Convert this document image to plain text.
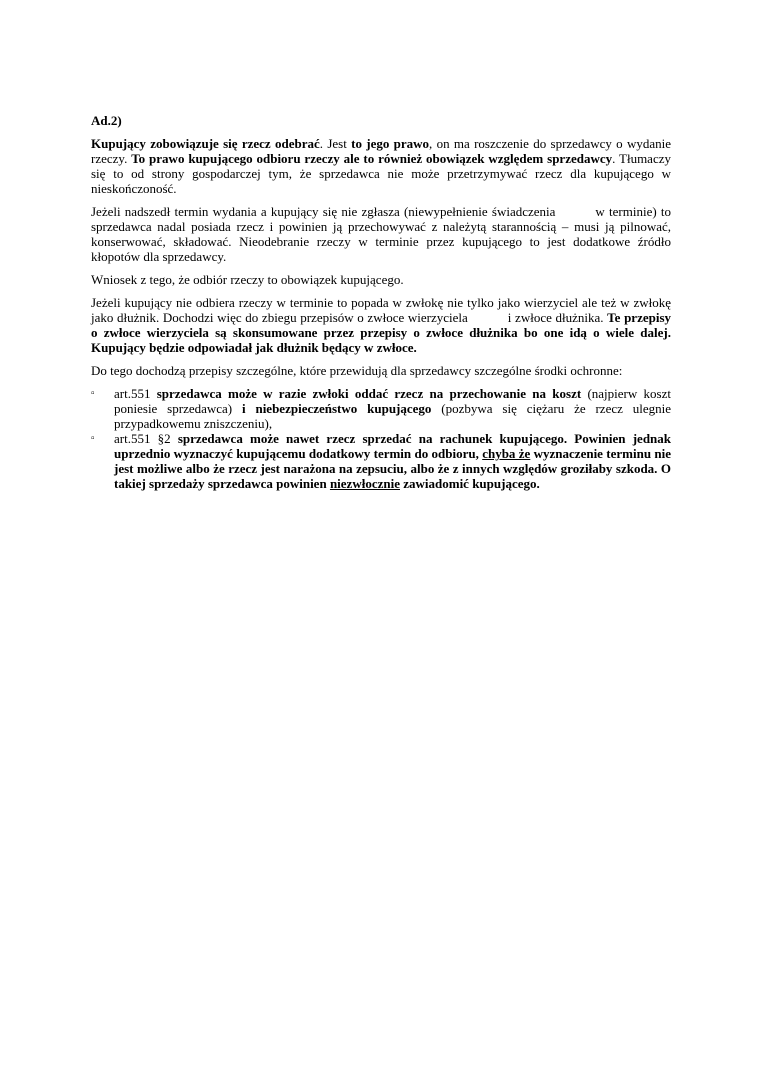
Ad.2)

Kupujący zobowiązuje się rzecz odebrać. Jest to jego prawo, on ma roszczenie do sprzedawcy o wydanie rzeczy. To prawo kupującego odbioru rzeczy ale to również obowiązek względem sprzedawcy. Tłumaczy się to od strony gospodarczej tym, że sprzedawca nie może przetrzymywać rzecz dla kupującego w nieskończoność.

Jeżeli nadszedł termin wydania a kupujący się nie zgłasza (niewypełnienie świadczenia	w terminie) to sprzedawca nadal posiada rzecz i powinien ją przechowywać z należytą starannością – musi ją pilnować, konserwować, składować. Nieodebranie rzeczy w terminie przez kupującego to jest dodatkowe źródło kłopotów dla sprzedawcy.

Wniosek z tego, że odbiór rzeczy to obowiązek kupującego.

Jeżeli kupujący nie odbiera rzeczy w terminie to popada w zwłokę nie tylko jako wierzyciel ale też w zwłokę jako dłużnik. Dochodzi więc do zbiegu przepisów o zwłoce wierzyciela	i zwłoce dłużnika. Te przepisy o zwłoce wierzyciela są skonsumowane przez przepisy o zwłoce dłużnika bo one idą o wiele dalej. Kupujący będzie odpowiadał jak dłużnik będący w zwłoce.

Do tego dochodzą przepisy szczególne, które przewidują dla sprzedawcy szczególne środki ochronne:

▫ art.551 sprzedawca może w razie zwłoki oddać rzecz na przechowanie na koszt (najpierw koszt poniesie sprzedawca) i niebezpieczeństwo kupującego (pozbywa się ciężaru że rzecz ulegnie przypadkowemu zniszczeniu),
▫ art.551 §2 sprzedawca może nawet rzecz sprzedać na rachunek kupującego. Powinien jednak uprzednio wyznaczyć kupującemu dodatkowy termin do odbioru, chyba że wyznaczenie terminu nie jest możliwe albo że rzecz jest narażona na zepsuciu, albo że z innych względów groziłaby szkoda. O takiej sprzedaży sprzedawca powinien niezwłocznie zawiadomić kupującego.
